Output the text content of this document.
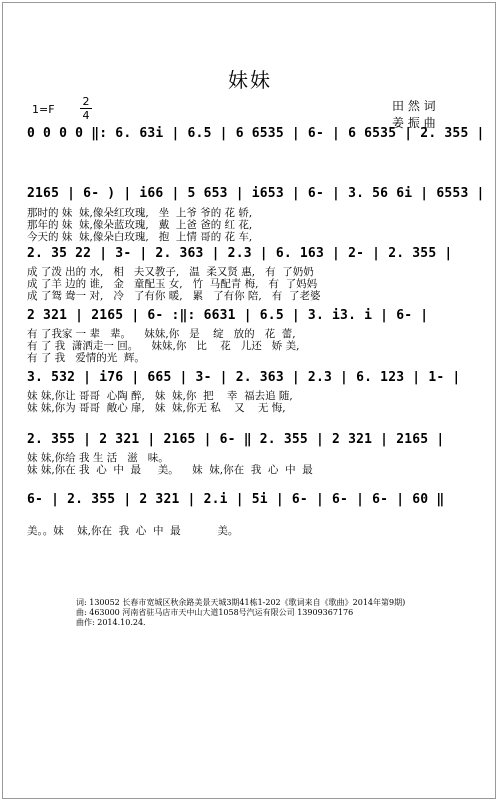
妹妹
1=F
2
4
田 然 词
姜 振 曲
0 0 0 0 ‖: 6. 63i | 6.5 | 6 6535 | 6- | 6 6535 | 2. 355 |
2165 | 6- ) | i66 | 5 653 | i653 | 6- | 3. 56 6i | 6553 |
那时的 妹  妹,像朵红玫瑰,   坐  上爷 爷的 花 轿,
那年的 妹  妹,像朵蓝玫瑰,   戴  上爸 爸的 红 花,
今天的 妹  妹,像朵白玫瑰,   抱  上情 哥的 花 车,
2. 35 22 | 3- | 2. 363 | 2.3 | 6. 163 | 2- | 2. 355 |
成 了泼 出的 水,   相   夫又教子,   温  柔又贤 惠,   有  了奶奶
成 了羊 边的 谁,   金   童配玉 女,   竹  马配青 梅,   有  了妈妈
成 了鸳 鸯一 对,   冷   了有你 暖,   累   了有你 陪,   有  了老婆
2 321 | 2165 | 6- :‖: 6631 | 6.5 | 3. i3. i | 6- |
有 了我家 一 辈   辈。    妹妹,你   是    绽   放的   花  蕾,
有 了 我  潇洒走一 回。    妹妹,你   比    花   儿还   娇 美,
有 了 我   爱情的光  辉。
3. 532 | i76 | 665 | 3- | 2. 363 | 2.3 | 6. 123 | 1- |
妹 妹,你让 哥哥  心陶 醉,   妹  妹,你  把    幸  福去追 随,
妹 妹,你为 哥哥  敞心 扉,   妹  妹,你无 私    又    无 悔,
2. 355 | 2 321 | 2165 | 6- ‖ 2. 355 | 2 321 | 2165 |
妹 妹,你给 我 生 活   滋   味。
妹 妹,你在 我  心  中  最     美。    妹  妹,你在  我  心  中  最
6- | 2. 355 | 2 321 | 2.i | 5i | 6- | 6- | 6- | 60 ‖
美。。妹    妹,你在  我  心  中  最           美。
词: 130052 长春市宽城区秋余路美景天城3期41栋1-202《歌词来自《歌曲》2014年第9期)
曲: 463000 河南省驻马店市天中山大道1058号汽运有限公司 13909367176
曲作: 2014.10.24.
